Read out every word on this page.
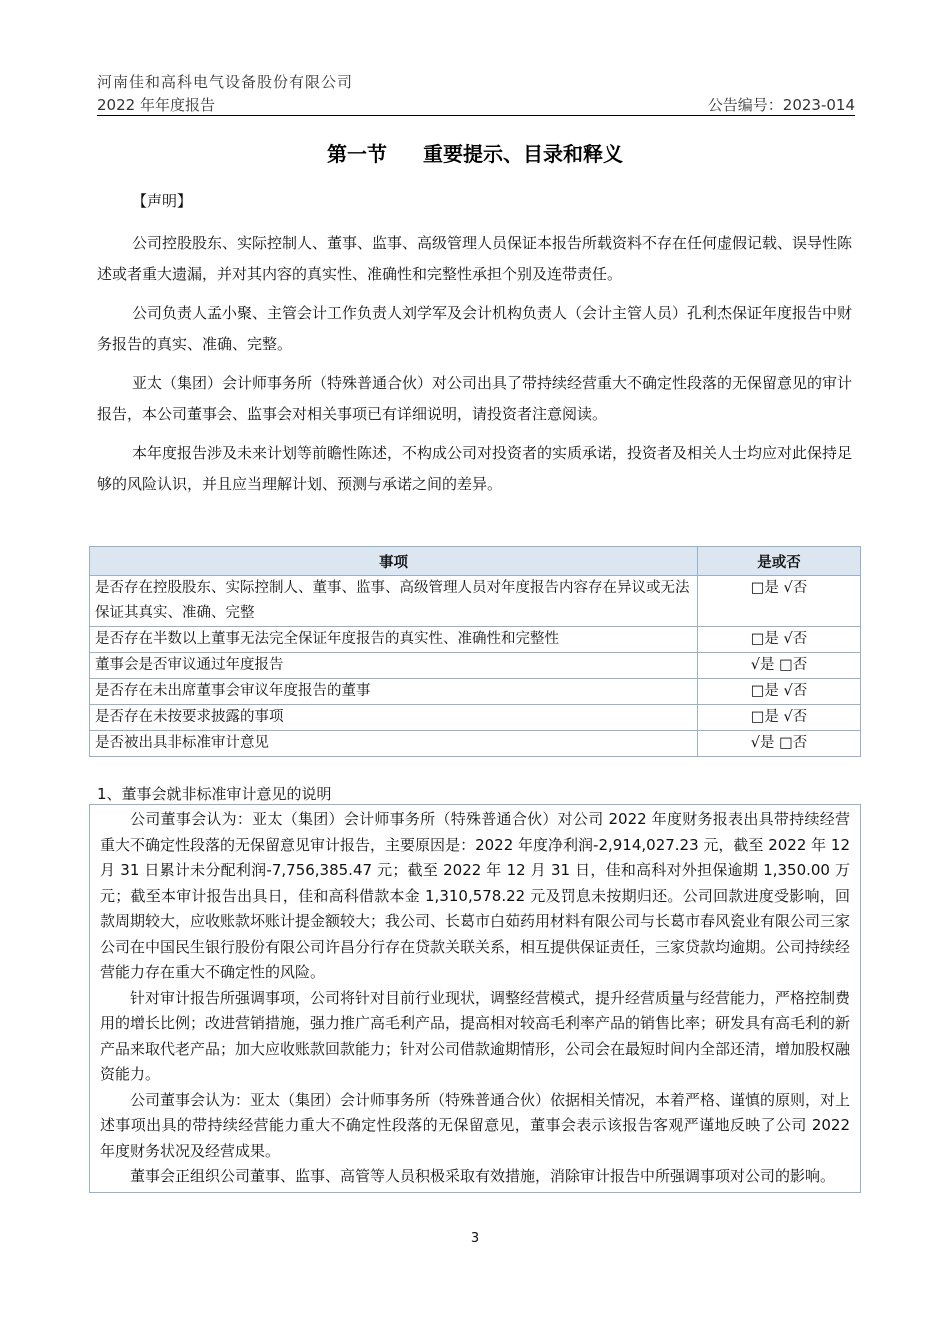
河南佳和高科电气设备股份有限公司
2022 年年度报告	公告编号：2023-014
第一节 重要提示、目录和释义
【声明】

公司控股股东、实际控制人、董事、监事、高级管理人员保证本报告所载资料不存在任何虚假记载、误导性陈述或者重大遗漏，并对其内容的真实性、准确性和完整性承担个别及连带责任。

公司负责人孟小聚、主管会计工作负责人刘学军及会计机构负责人（会计主管人员）孔利杰保证年度报告中财务报告的真实、准确、完整。

亚太（集团）会计师事务所（特殊普通合伙）对公司出具了带持续经营重大不确定性段落的无保留意见的审计报告，本公司董事会、监事会对相关事项已有详细说明，请投资者注意阅读。

本年度报告涉及未来计划等前瞻性陈述，不构成公司对投资者的实质承诺，投资者及相关人士均应对此保持足够的风险认识，并且应当理解计划、预测与承诺之间的差异。

事项	是或否
是否存在控股股东、实际控制人、董事、监事、高级管理人员对年度报告内容存在异议或无法保证其真实、准确、完整	□是 √否
是否存在半数以上董事无法完全保证年度报告的真实性、准确性和完整性	□是 √否
董事会是否审议通过年度报告	√是 □否
是否存在未出席董事会审议年度报告的董事	□是 √否
是否存在未按要求披露的事项	□是 √否
是否被出具非标准审计意见	√是 □否
1、董事会就非标准审计意见的说明

公司董事会认为：亚太（集团）会计师事务所（特殊普通合伙）对公司 2022 年度财务报表出具带持续经营重大不确定性段落的无保留意见审计报告，主要原因是：2022 年度净利润-2,914,027.23 元，截至 2022 年 12 月 31 日累计未分配利润-7,756,385.47 元；截至 2022 年 12 月 31 日，佳和高科对外担保逾期 1,350.00 万元；截至本审计报告出具日，佳和高科借款本金 1,310,578.22 元及罚息未按期归还。公司回款进度受影响，回款周期较大，应收账款坏账计提金额较大；我公司、长葛市白茹药用材料有限公司与长葛市春风瓷业有限公司三家公司在中国民生银行股份有限公司许昌分行存在贷款关联关系，相互提供保证责任，三家贷款均逾期。公司持续经营能力存在重大不确定性的风险。

针对审计报告所强调事项，公司将针对目前行业现状，调整经营模式，提升经营质量与经营能力，严格控制费用的增长比例；改进营销措施，强力推广高毛利产品，提高相对较高毛利率产品的销售比率；研发具有高毛利的新产品来取代老产品；加大应收账款回款能力；针对公司借款逾期情形，公司会在最短时间内全部还清，增加股权融资能力。

公司董事会认为：亚太（集团）会计师事务所（特殊普通合伙）依据相关情况，本着严格、谨慎的原则，对上述事项出具的带持续经营能力重大不确定性段落的无保留意见，董事会表示该报告客观严谨地反映了公司 2022 年度财务状况及经营成果。

董事会正组织公司董事、监事、高管等人员积极采取有效措施，消除审计报告中所强调事项对公司的影响。

3
